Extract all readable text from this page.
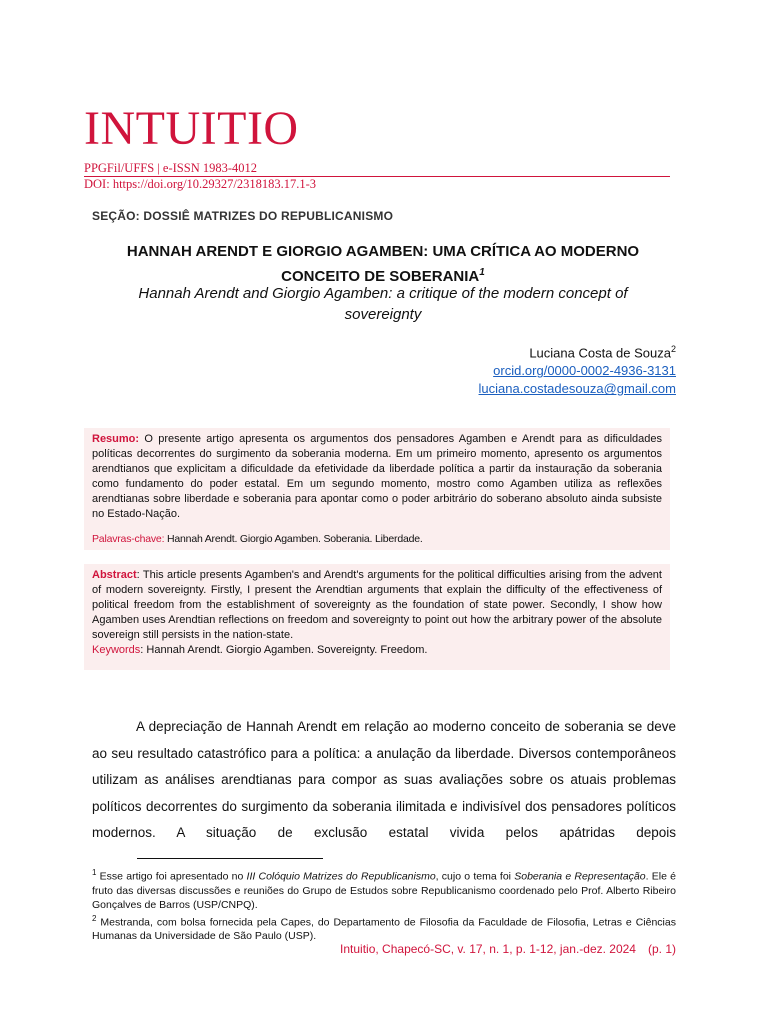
INTUITIO
PPGFil/UFFS | e-ISSN 1983-4012
DOI: https://doi.org/10.29327/2318183.17.1-3
SEÇÃO: DOSSIÊ MATRIZES DO REPUBLICANISMO
HANNAH ARENDT E GIORGIO AGAMBEN: UMA CRÍTICA AO MODERNO
CONCEITO DE SOBERANIA$^1$
Hannah Arendt and Giorgio Agamben: a critique of the modern concept of sovereignty
Luciana Costa de Souza$^2$
orcid.org/0000-0002-4936-3131
luciana.costadesouza@gmail.com

Resumo: O presente artigo apresenta os argumentos dos pensadores Agamben e Arendt para as dificuldades políticas decorrentes do surgimento da soberania moderna. Em um primeiro momento, apresento os argumentos arendtianos que explicitam a dificuldade da efetividade da liberdade política a partir da instauração da soberania como fundamento do poder estatal. Em um segundo momento, mostro como Agamben utiliza as reflexões arendtianas sobre liberdade e soberania para apontar como o poder arbitrário do soberano absoluto ainda subsiste no Estado-Nação.

Palavras-chave: Hannah Arendt. Giorgio Agamben. Soberania. Liberdade.

Abstract: This article presents Agamben's and Arendt's arguments for the political difficulties arising from the advent of modern sovereignty. Firstly, I present the Arendtian arguments that explain the difficulty of the effectiveness of political freedom from the establishment of sovereignty as the foundation of state power. Secondly, I show how Agamben uses Arendtian reflections on freedom and sovereignty to point out how the arbitrary power of the absolute sovereign still persists in the nation-state.

Keywords: Hannah Arendt. Giorgio Agamben. Sovereignty. Freedom.

A depreciação de Hannah Arendt em relação ao moderno conceito de soberania se deve ao seu resultado catastrófico para a política: a anulação da liberdade. Diversos contemporâneos utilizam as análises arendtianas para compor as suas avaliações sobre os atuais problemas políticos decorrentes do surgimento da soberania ilimitada e indivisível dos pensadores políticos modernos. A situação de exclusão estatal vivida pelos apátridas depois

$^1$ Esse artigo foi apresentado no III Colóquio Matrizes do Republicanismo, cujo o tema foi Soberania e Representação. Ele é fruto das diversas discussões e reuniões do Grupo de Estudos sobre Republicanismo coordenado pelo Prof. Alberto Ribeiro Gonçalves de Barros (USP/CNPQ).

$^2$ Mestranda, com bolsa fornecida pela Capes, do Departamento de Filosofia da Faculdade de Filosofia, Letras e Ciências Humanas da Universidade de São Paulo (USP).

Intuitio, Chapecó-SC, v. 17, n. 1, p. 1-12, jan.-dez. 2024 (p. 1)
